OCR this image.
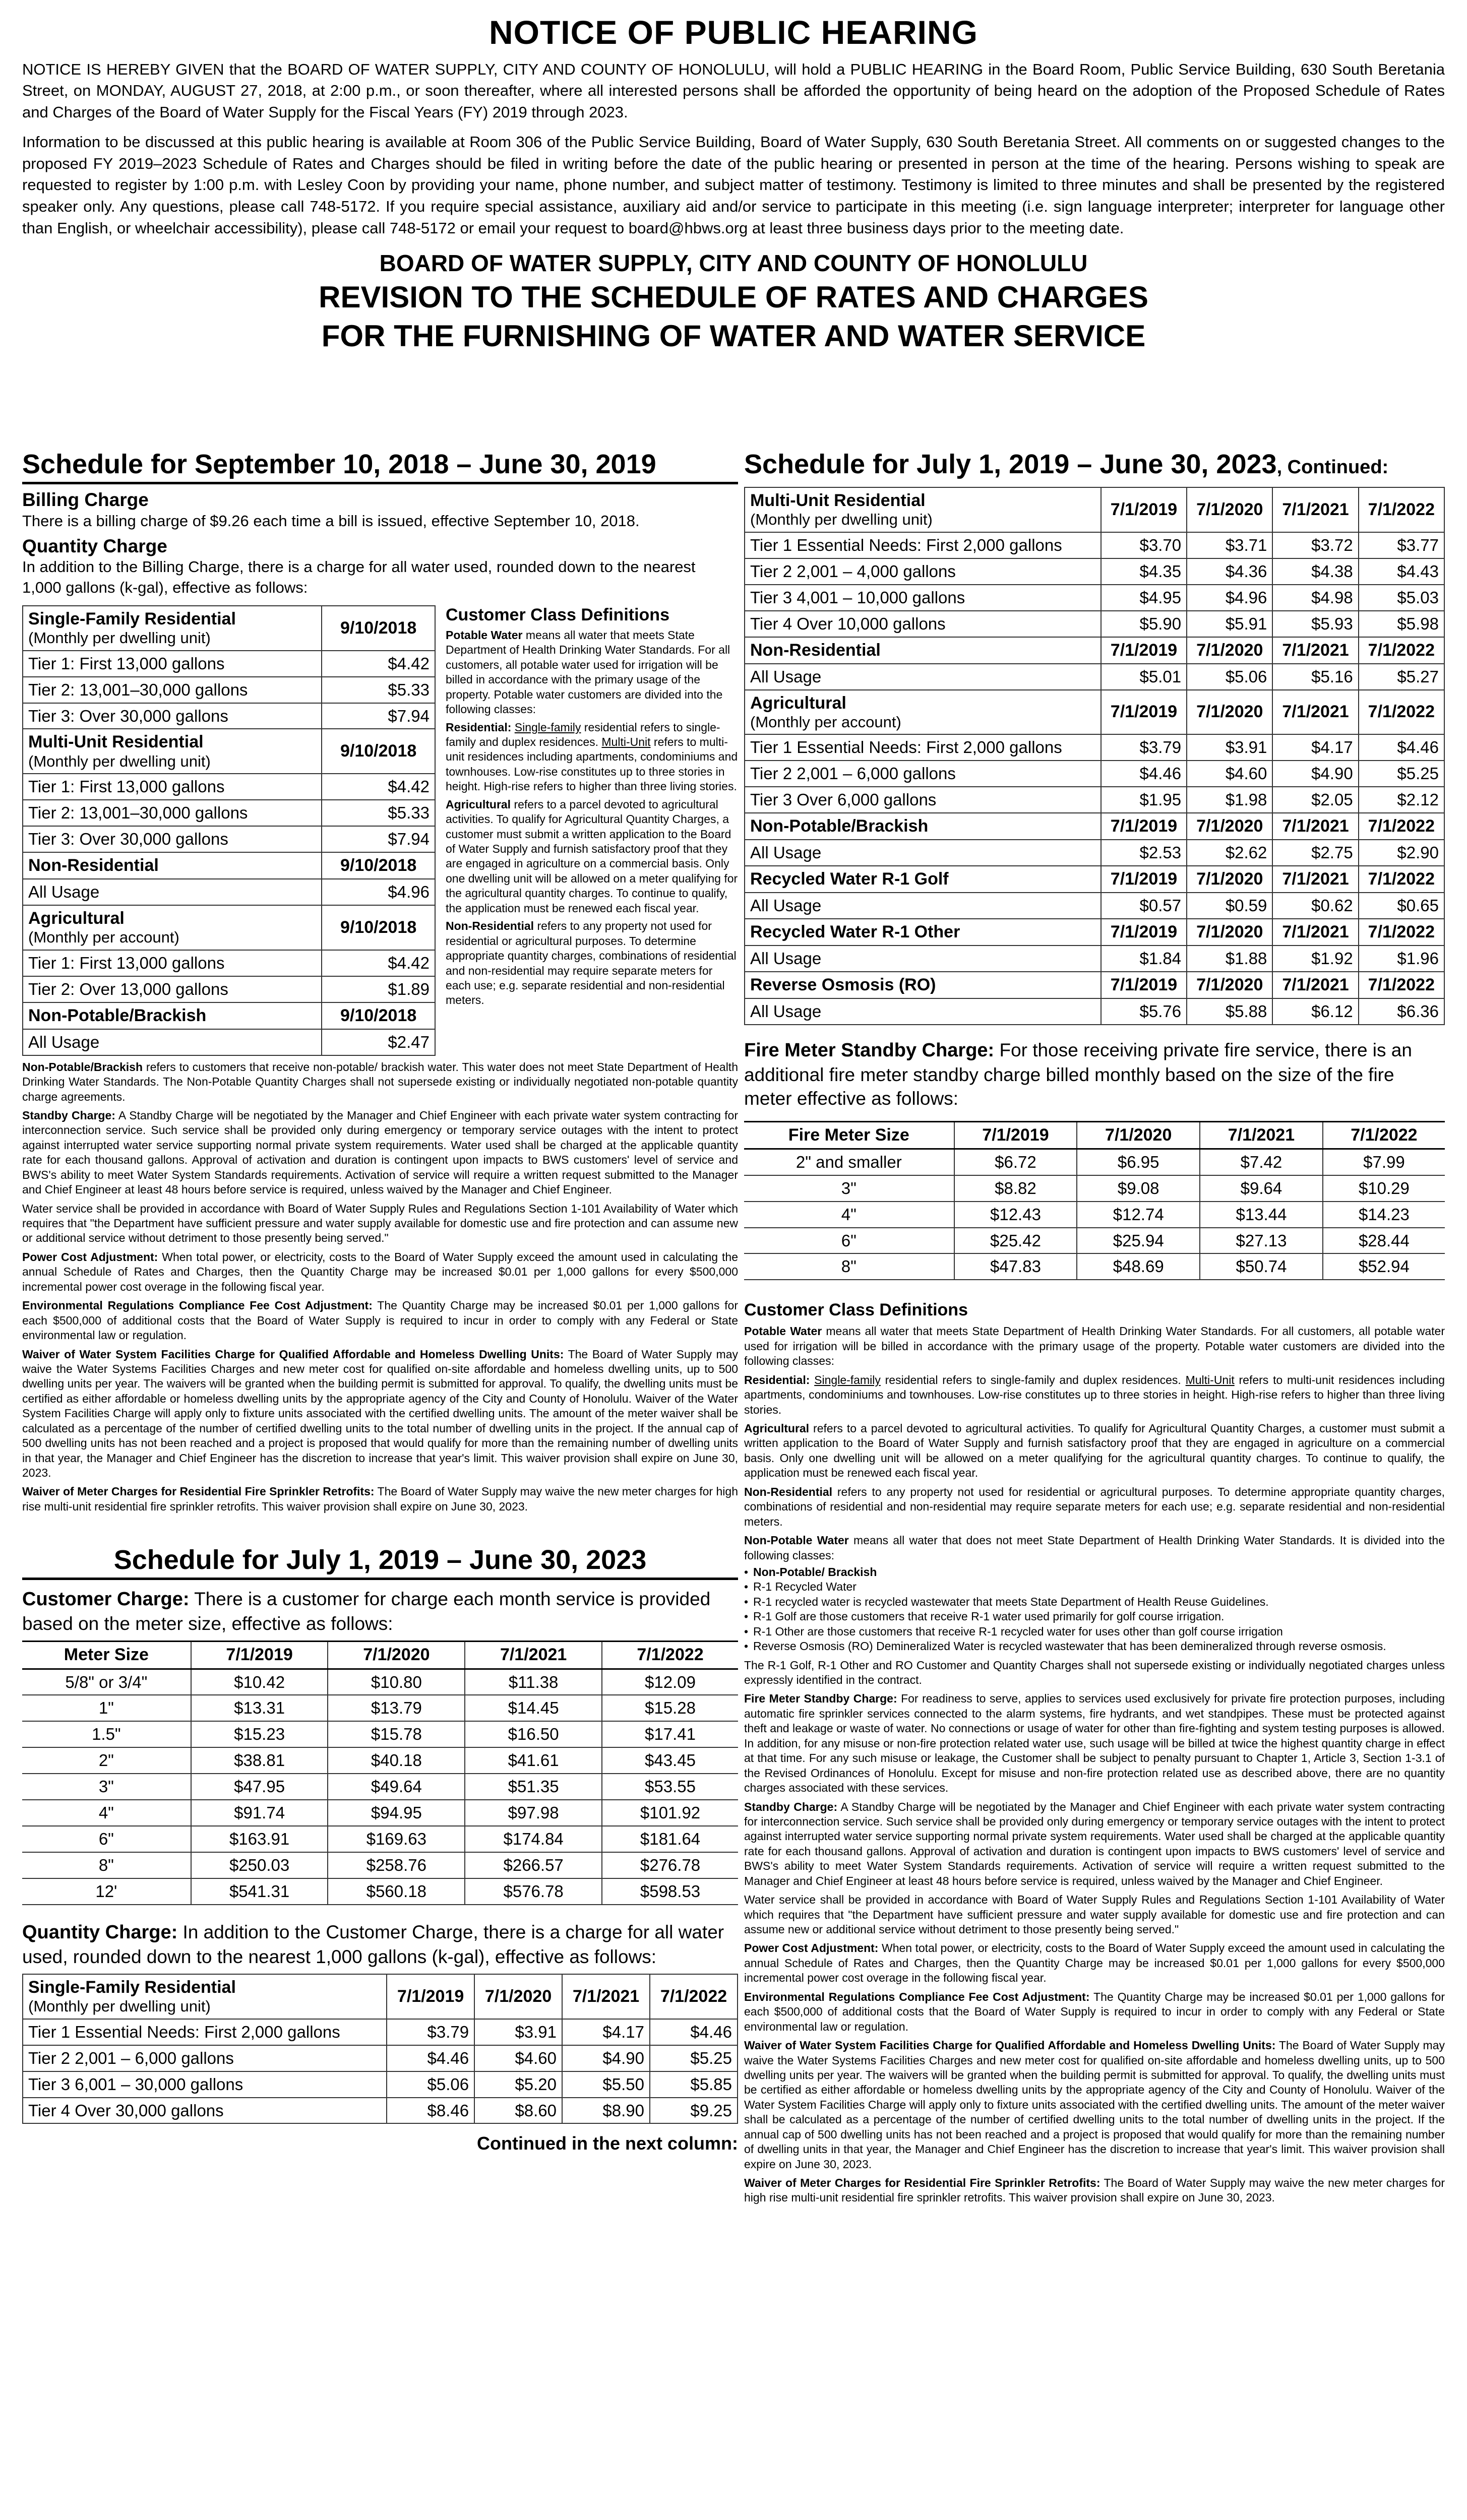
NOTICE OF PUBLIC HEARING

NOTICE IS HEREBY GIVEN that the BOARD OF WATER SUPPLY, CITY AND COUNTY OF HONOLULU, will hold a PUBLIC HEARING in the Board Room, Public Service Building, 630 South Beretania Street, on MONDAY, AUGUST 27, 2018, at 2:00 p.m., or soon thereafter, where all interested persons shall be afforded the opportunity of being heard on the adoption of the Proposed Schedule of Rates and Charges of the Board of Water Supply for the Fiscal Years (FY) 2019 through 2023.

Information to be discussed at this public hearing is available at Room 306 of the Public Service Building, Board of Water Supply, 630 South Beretania Street. All comments on or suggested changes to the proposed FY 2019–2023 Schedule of Rates and Charges should be filed in writing before the date of the public hearing or presented in person at the time of the hearing. Persons wishing to speak are requested to register by 1:00 p.m. with Lesley Coon by providing your name, phone number, and subject matter of testimony. Testimony is limited to three minutes and shall be presented by the registered speaker only. Any questions, please call 748-5172. If you require special assistance, auxiliary aid and/or service to participate in this meeting (i.e. sign language interpreter; interpreter for language other than English, or wheelchair accessibility), please call 748-5172 or email your request to board@hbws.org at least three business days prior to the meeting date.

BOARD OF WATER SUPPLY, CITY AND COUNTY OF HONOLULU
REVISION TO THE SCHEDULE OF RATES AND CHARGES
FOR THE FURNISHING OF WATER AND WATER SERVICE
Schedule for September 10, 2018 – June 30, 2019
Billing Charge
There is a billing charge of $9.26 each time a bill is issued, effective September 10, 2018.
Quantity Charge
In addition to the Billing Charge, there is a charge for all water used, rounded down to the nearest 1,000 gallons (k-gal), effective as follows:
Single-Family Residential
(Monthly per dwelling unit)	9/10/2018
Tier 1: First 13,000 gallons	$4.42
Tier 2: 13,001–30,000 gallons	$5.33
Tier 3: Over 30,000 gallons	$7.94

Multi-Unit Residential
(Monthly per dwelling unit)	9/10/2018
Tier 1: First 13,000 gallons	$4.42
Tier 2: 13,001–30,000 gallons	$5.33
Tier 3: Over 30,000 gallons	$7.94

Non-Residential	9/10/2018
All Usage	$4.96

Agricultural
(Monthly per account)	9/10/2018
Tier 1: First 13,000 gallons	$4.42
Tier 2: Over 13,000 gallons	$1.89

Non-Potable/Brackish	9/10/2018
All Usage	$2.47
Customer Class Definitions

Potable Water means all water that meets State Department of Health Drinking Water Standards. For all customers, all potable water used for irrigation will be billed in accordance with the primary usage of the property. Potable water customers are divided into the following classes:

Residential: Single-family residential refers to single-family and duplex residences. Multi-Unit refers to multi-unit residences including apartments, condominiums and townhouses. Low-rise constitutes up to three stories in height. High-rise refers to higher than three living stories.

Agricultural refers to a parcel devoted to agricultural activities. To qualify for Agricultural Quantity Charges, a customer must submit a written application to the Board of Water Supply and furnish satisfactory proof that they are engaged in agriculture on a commercial basis. Only one dwelling unit will be allowed on a meter qualifying for the agricultural quantity charges. To continue to qualify, the application must be renewed each fiscal year.

Non-Residential refers to any property not used for residential or agricultural purposes. To determine appropriate quantity charges, combinations of residential and non-residential may require separate meters for each use; e.g. separate residential and non-residential meters.

Non-Potable/Brackish refers to customers that receive non-potable/ brackish water. This water does not meet State Department of Health Drinking Water Standards. The Non-Potable Quantity Charges shall not supersede existing or individually negotiated non-potable quantity charge agreements.

Standby Charge: A Standby Charge will be negotiated by the Manager and Chief Engineer with each private water system contracting for interconnection service. Such service shall be provided only during emergency or temporary service outages with the intent to protect against interrupted water service supporting normal private system requirements. Water used shall be charged at the applicable quantity rate for each thousand gallons. Approval of activation and duration is contingent upon impacts to BWS customers' level of service and BWS's ability to meet Water System Standards requirements. Activation of service will require a written request submitted to the Manager and Chief Engineer at least 48 hours before service is required, unless waived by the Manager and Chief Engineer.

Water service shall be provided in accordance with Board of Water Supply Rules and Regulations Section 1-101 Availability of Water which requires that "the Department have sufficient pressure and water supply available for domestic use and fire protection and can assume new or additional service without detriment to those presently being served."

Power Cost Adjustment: When total power, or electricity, costs to the Board of Water Supply exceed the amount used in calculating the annual Schedule of Rates and Charges, then the Quantity Charge may be increased $0.01 per 1,000 gallons for every $500,000 incremental power cost overage in the following fiscal year.

Environmental Regulations Compliance Fee Cost Adjustment: The Quantity Charge may be increased $0.01 per 1,000 gallons for each $500,000 of additional costs that the Board of Water Supply is required to incur in order to comply with any Federal or State environmental law or regulation.

Waiver of Water System Facilities Charge for Qualified Affordable and Homeless Dwelling Units: The Board of Water Supply may waive the Water Systems Facilities Charges and new meter cost for qualified on-site affordable and homeless dwelling units, up to 500 dwelling units per year. The waivers will be granted when the building permit is submitted for approval. To qualify, the dwelling units must be certified as either affordable or homeless dwelling units by the appropriate agency of the City and County of Honolulu. Waiver of the Water System Facilities Charge will apply only to fixture units associated with the certified dwelling units. The amount of the meter waiver shall be calculated as a percentage of the number of certified dwelling units to the total number of dwelling units in the project. If the annual cap of 500 dwelling units has not been reached and a project is proposed that would qualify for more than the remaining number of dwelling units in that year, the Manager and Chief Engineer has the discretion to increase that year's limit. This waiver provision shall expire on June 30, 2023.

Waiver of Meter Charges for Residential Fire Sprinkler Retrofits: The Board of Water Supply may waive the new meter charges for high rise multi-unit residential fire sprinkler retrofits. This waiver provision shall expire on June 30, 2023.

Schedule for July 1, 2019 – June 30, 2023
Customer Charge: There is a customer for charge each month service is provided based on the meter size, effective as follows:
Meter Size	7/1/2019	7/1/2020	7/1/2021	7/1/2022
5/8" or 3/4"	$10.42	$10.80	$11.38	$12.09
1"	$13.31	$13.79	$14.45	$15.28
1.5"	$15.23	$15.78	$16.50	$17.41
2"	$38.81	$40.18	$41.61	$43.45
3"	$47.95	$49.64	$51.35	$53.55
4"	$91.74	$94.95	$97.98	$101.92
6"	$163.91	$169.63	$174.84	$181.64
8"	$250.03	$258.76	$266.57	$276.78
12'	$541.31	$560.18	$576.78	$598.53
Quantity Charge: In addition to the Customer Charge, there is a charge for all water used, rounded down to the nearest 1,000 gallons (k-gal), effective as follows:
Single-Family Residential
(Monthly per dwelling unit)	7/1/2019	7/1/2020	7/1/2021	7/1/2022
Tier 1 Essential Needs: First 2,000 gallons	$3.79	$3.91	$4.17	$4.46
Tier 2 2,001 – 6,000 gallons	$4.46	$4.60	$4.90	$5.25
Tier 3 6,001 – 30,000 gallons	$5.06	$5.20	$5.50	$5.85
Tier 4 Over 30,000 gallons	$8.46	$8.60	$8.90	$9.25
Continued in the next column:
Schedule for July 1, 2019 – June 30, 2023, Continued:
Multi-Unit Residential
(Monthly per dwelling unit)	7/1/2019	7/1/2020	7/1/2021	7/1/2022
Tier 1 Essential Needs: First 2,000 gallons	$3.70	$3.71	$3.72	$3.77
Tier 2 2,001 – 4,000 gallons	$4.35	$4.36	$4.38	$4.43
Tier 3 4,001 – 10,000 gallons	$4.95	$4.96	$4.98	$5.03
Tier 4 Over 10,000 gallons	$5.90	$5.91	$5.93	$5.98

Non-Residential	7/1/2019	7/1/2020	7/1/2021	7/1/2022
All Usage	$5.01	$5.06	$5.16	$5.27

Agricultural
(Monthly per account)	7/1/2019	7/1/2020	7/1/2021	7/1/2022
Tier 1 Essential Needs: First 2,000 gallons	$3.79	$3.91	$4.17	$4.46
Tier 2 2,001 – 6,000 gallons	$4.46	$4.60	$4.90	$5.25
Tier 3 Over 6,000 gallons	$1.95	$1.98	$2.05	$2.12

Non-Potable/Brackish	7/1/2019	7/1/2020	7/1/2021	7/1/2022
All Usage	$2.53	$2.62	$2.75	$2.90

Recycled Water R-1 Golf	7/1/2019	7/1/2020	7/1/2021	7/1/2022
All Usage	$0.57	$0.59	$0.62	$0.65

Recycled Water R-1 Other	7/1/2019	7/1/2020	7/1/2021	7/1/2022
All Usage	$1.84	$1.88	$1.92	$1.96

Reverse Osmosis (RO)	7/1/2019	7/1/2020	7/1/2021	7/1/2022
All Usage	$5.76	$5.88	$6.12	$6.36
Fire Meter Standby Charge: For those receiving private fire service, there is an additional fire meter standby charge billed monthly based on the size of the fire meter effective as follows:
Fire Meter Size	7/1/2019	7/1/2020	7/1/2021	7/1/2022
2" and smaller	$6.72	$6.95	$7.42	$7.99
3"	$8.82	$9.08	$9.64	$10.29
4"	$12.43	$12.74	$13.44	$14.23
6"	$25.42	$25.94	$27.13	$28.44
8"	$47.83	$48.69	$50.74	$52.94
Customer Class Definitions

Potable Water means all water that meets State Department of Health Drinking Water Standards. For all customers, all potable water used for irrigation will be billed in accordance with the primary usage of the property. Potable water customers are divided into the following classes:

Residential: Single-family residential refers to single-family and duplex residences. Multi-Unit refers to multi-unit residences including apartments, condominiums and townhouses. Low-rise constitutes up to three stories in height. High-rise refers to higher than three living stories.

Agricultural refers to a parcel devoted to agricultural activities. To qualify for Agricultural Quantity Charges, a customer must submit a written application to the Board of Water Supply and furnish satisfactory proof that they are engaged in agriculture on a commercial basis. Only one dwelling unit will be allowed on a meter qualifying for the agricultural quantity charges. To continue to qualify, the application must be renewed each fiscal year.

Non-Residential refers to any property not used for residential or agricultural purposes. To determine appropriate quantity charges, combinations of residential and non-residential may require separate meters for each use; e.g. separate residential and non-residential meters.

Non-Potable Water means all water that does not meet State Department of Health Drinking Water Standards. It is divided into the following classes:

• Non-Potable/ Brackish
• R-1 Recycled Water
• R-1 recycled water is recycled wastewater that meets State Department of Health Reuse Guidelines.
• R-1 Golf are those customers that receive R-1 water used primarily for golf course irrigation.
• R-1 Other are those customers that receive R-1 recycled water for uses other than golf course irrigation
• Reverse Osmosis (RO) Demineralized Water is recycled wastewater that has been demineralized through reverse osmosis.

The R-1 Golf, R-1 Other and RO Customer and Quantity Charges shall not supersede existing or individually negotiated charges unless expressly identified in the contract.

Fire Meter Standby Charge: For readiness to serve, applies to services used exclusively for private fire protection purposes, including automatic fire sprinkler services connected to the alarm systems, fire hydrants, and wet standpipes. These must be protected against theft and leakage or waste of water. No connections or usage of water for other than fire-fighting and system testing purposes is allowed. In addition, for any misuse or non-fire protection related water use, such usage will be billed at twice the highest quantity charge in effect at that time. For any such misuse or leakage, the Customer shall be subject to penalty pursuant to Chapter 1, Article 3, Section 1-3.1 of the Revised Ordinances of Honolulu. Except for misuse and non-fire protection related use as described above, there are no quantity charges associated with these services.

Standby Charge: A Standby Charge will be negotiated by the Manager and Chief Engineer with each private water system contracting for interconnection service. Such service shall be provided only during emergency or temporary service outages with the intent to protect against interrupted water service supporting normal private system requirements. Water used shall be charged at the applicable quantity rate for each thousand gallons. Approval of activation and duration is contingent upon impacts to BWS customers' level of service and BWS's ability to meet Water System Standards requirements. Activation of service will require a written request submitted to the Manager and Chief Engineer at least 48 hours before service is required, unless waived by the Manager and Chief Engineer.

Water service shall be provided in accordance with Board of Water Supply Rules and Regulations Section 1-101 Availability of Water which requires that "the Department have sufficient pressure and water supply available for domestic use and fire protection and can assume new or additional service without detriment to those presently being served."

Power Cost Adjustment: When total power, or electricity, costs to the Board of Water Supply exceed the amount used in calculating the annual Schedule of Rates and Charges, then the Quantity Charge may be increased $0.01 per 1,000 gallons for every $500,000 incremental power cost overage in the following fiscal year.

Environmental Regulations Compliance Fee Cost Adjustment: The Quantity Charge may be increased $0.01 per 1,000 gallons for each $500,000 of additional costs that the Board of Water Supply is required to incur in order to comply with any Federal or State environmental law or regulation.

Waiver of Water System Facilities Charge for Qualified Affordable and Homeless Dwelling Units: The Board of Water Supply may waive the Water Systems Facilities Charges and new meter cost for qualified on-site affordable and homeless dwelling units, up to 500 dwelling units per year. The waivers will be granted when the building permit is submitted for approval. To qualify, the dwelling units must be certified as either affordable or homeless dwelling units by the appropriate agency of the City and County of Honolulu. Waiver of the Water System Facilities Charge will apply only to fixture units associated with the certified dwelling units. The amount of the meter waiver shall be calculated as a percentage of the number of certified dwelling units to the total number of dwelling units in the project. If the annual cap of 500 dwelling units has not been reached and a project is proposed that would qualify for more than the remaining number of dwelling units in that year, the Manager and Chief Engineer has the discretion to increase that year's limit. This waiver provision shall expire on June 30, 2023.

Waiver of Meter Charges for Residential Fire Sprinkler Retrofits: The Board of Water Supply may waive the new meter charges for high rise multi-unit residential fire sprinkler retrofits. This waiver provision shall expire on June 30, 2023.
